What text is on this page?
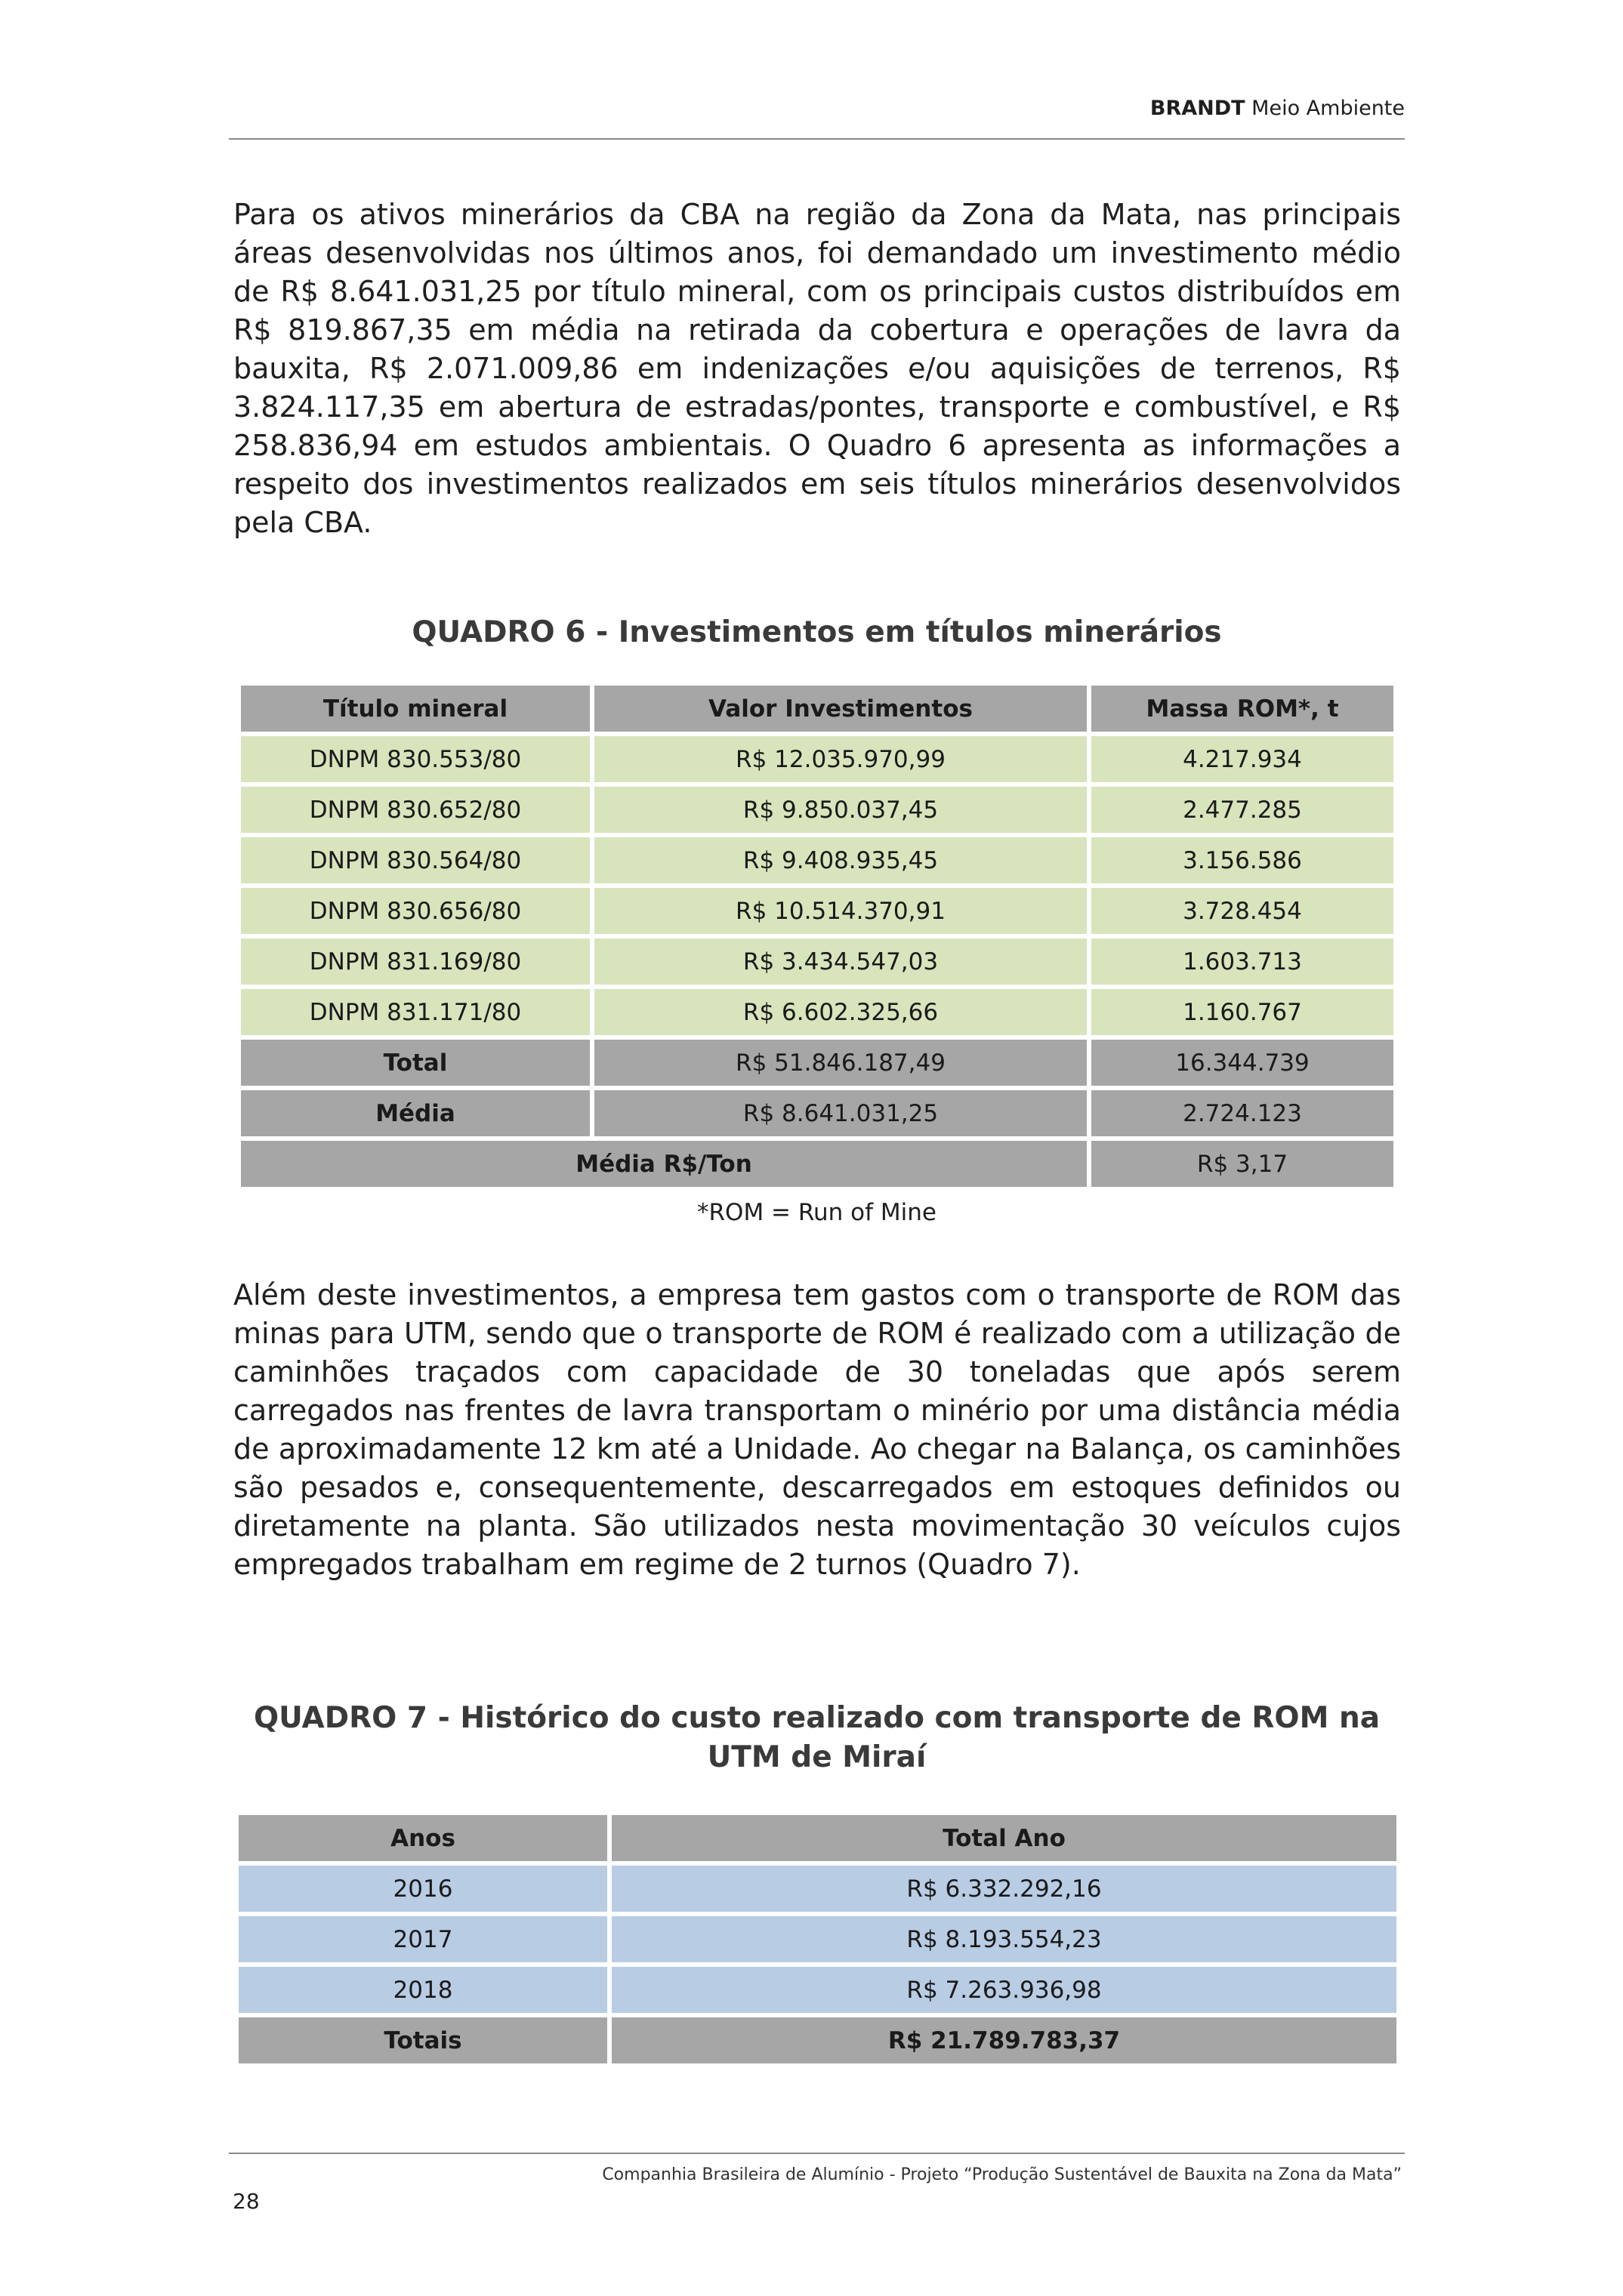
BRANDT Meio Ambiente

Para os ativos minerários da CBA na região da Zona da Mata, nas principais áreas desenvolvidas nos últimos anos, foi demandado um investimento médio de R$ 8.641.031,25 por título mineral, com os principais custos distribuídos em R$ 819.867,35 em média na retirada da cobertura e operações de lavra da bauxita, R$ 2.071.009,86 em indenizações e/ou aquisições de terrenos, R$ 3.824.117,35 em abertura de estradas/pontes, transporte e combustível, e R$ 258.836,94 em estudos ambientais. O Quadro 6 apresenta as informações a respeito dos investimentos realizados em seis títulos minerários desenvolvidos pela CBA.

QUADRO 6 - Investimentos em títulos minerários
Título mineral	Valor Investimentos	Massa ROM*, t
DNPM 830.553/80	R$ 12.035.970,99	4.217.934
DNPM 830.652/80	R$ 9.850.037,45	2.477.285
DNPM 830.564/80	R$ 9.408.935,45	3.156.586
DNPM 830.656/80	R$ 10.514.370,91	3.728.454
DNPM 831.169/80	R$ 3.434.547,03	1.603.713
DNPM 831.171/80	R$ 6.602.325,66	1.160.767
Total	R$ 51.846.187,49	16.344.739
Média	R$ 8.641.031,25	2.724.123
Média R$/Ton		R$ 3,17
*ROM = Run of Mine

Além deste investimentos, a empresa tem gastos com o transporte de ROM das minas para UTM, sendo que o transporte de ROM é realizado com a utilização de caminhões traçados com capacidade de 30 toneladas que após serem carregados nas frentes de lavra transportam o minério por uma distância média de aproximadamente 12 km até a Unidade. Ao chegar na Balança, os caminhões são pesados e, consequentemente, descarregados em estoques definidos ou diretamente na planta. São utilizados nesta movimentação 30 veículos cujos empregados trabalham em regime de 2 turnos (Quadro 7).

QUADRO 7 - Histórico do custo realizado com transporte de ROM na UTM de Miraí
Anos	Total Ano
2016	R$ 6.332.292,16
2017	R$ 8.193.554,23
2018	R$ 7.263.936,98
Totais	R$ 21.789.783,37
Companhia Brasileira de Alumínio - Projeto “Produção Sustentável de Bauxita na Zona da Mata”
28
